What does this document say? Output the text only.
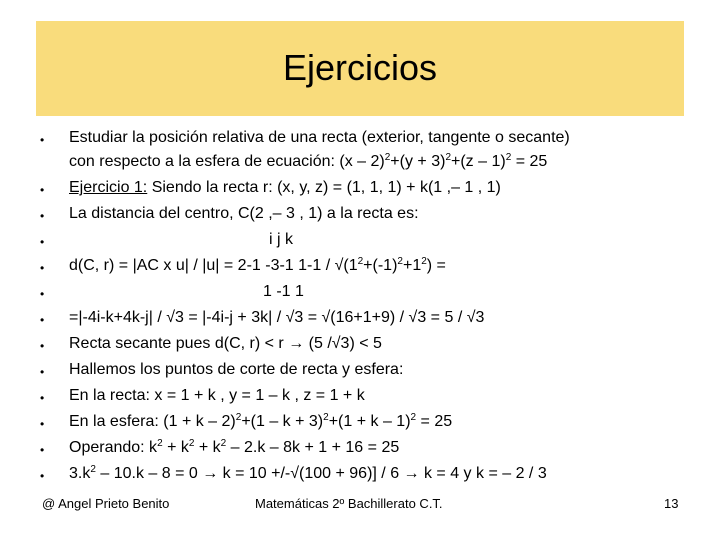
Ejercicios
•
•
•
•
•
•
•
•
•
•
•
•
•
Estudiar la posición relativa de una recta (exterior, tangente o secante)
con respecto a la esfera de ecuación: $(x - 2)^2+(y + 3)^2+(z - 1)^2 = 25$
Ejercicio 1: Siendo la recta r: (x, y, z) = (1, 1, 1) + k(1 ,– 1 , 1)
La distancia del centro, C(2 ,– 3 , 1) a la recta es:
i j k
d(C, r) = |AC x u| / |u| = 2-1 -3-1 $1-1 / √(1^2+(-1)^2+1^2)$ =
1 -1 1
=|-4i-k+4k-j| / √3 = |-4i-j + 3k| / √3 = √(16+1+9) / √3 = 5 / √3
Recta secante pues d(C, r) < r → (5 /√3) < 5
Hallemos los puntos de corte de recta y esfera:
En la recta: x = 1 + k , y = 1 – k , z = 1 + k
En la esfera: $(1 + k - 2)^2+(1 - k + 3)^2+(1 + k - 1)^2 = 25$
Operando: $k^2 + k^2 + k^2 - 2.k - 8k + 1 + 16 = 25$
$3.k^2 - 10.k - 8 = 0 \to k = 10 +/-√(100 + 96)] / 6 \to k = 4$ y k = – 2 / 3
@ Angel Prieto Benito	Matemáticas 2º Bachillerato C.T.	13
